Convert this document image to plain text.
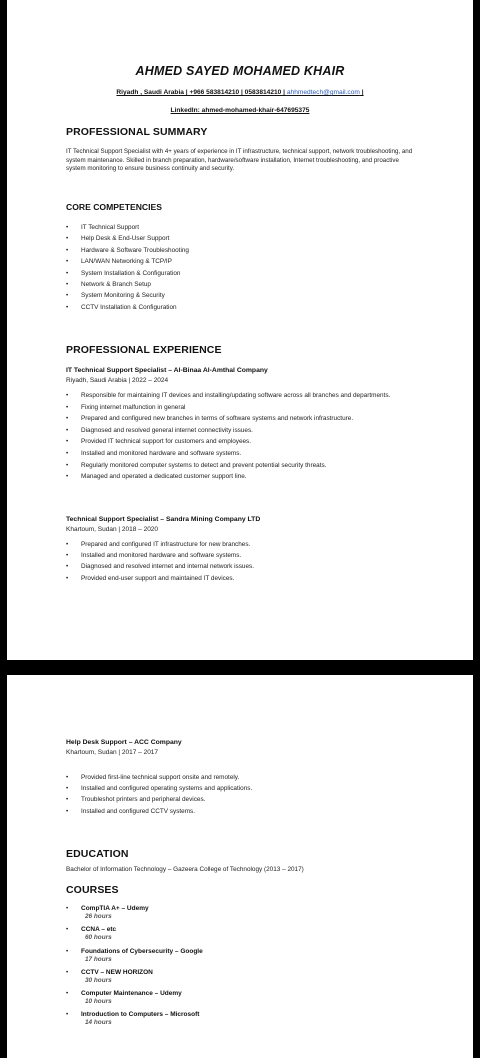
AHMED SAYED MOHAMED KHAIR
Riyadh , Saudi Arabia | +966 583814210 | 0583814210 | ahhmedtech@gmail.com |
LinkedIn: ahmed-mohamed-khair-647695375
PROFESSIONAL SUMMARY
IT Technical Support Specialist with 4+ years of experience in IT infrastructure, technical support, network troubleshooting, and system maintenance. Skilled in branch preparation, hardware/software installation, Internet troubleshooting, and proactive system monitoring to ensure business continuity and security.
CORE COMPETENCIES
• IT Technical Support
• Help Desk & End-User Support
• Hardware & Software Troubleshooting
• LAN/WAN Networking & TCP/IP
• System Installation & Configuration
• Network & Branch Setup
• System Monitoring & Security
• CCTV Installation & Configuration
PROFESSIONAL EXPERIENCE
IT Technical Support Specialist – Al-Binaa Al-Amthal Company
Riyadh, Saudi Arabia | 2022 – 2024
• Responsible for maintaining IT devices and installing/updating software across all branches and departments.
• Fixing internet malfunction in general
• Prepared and configured new branches in terms of software systems and network infrastructure.
• Diagnosed and resolved general internet connectivity issues.
• Provided IT technical support for customers and employees.
• Installed and monitored hardware and software systems.
• Regularly monitored computer systems to detect and prevent potential security threats.
• Managed and operated a dedicated customer support line.
Technical Support Specialist – Sandra Mining Company LTD
Khartoum, Sudan | 2018 – 2020
• Prepared and configured IT infrastructure for new branches.
• Installed and monitored hardware and software systems.
• Diagnosed and resolved internet and internal network issues.
• Provided end-user support and maintained IT devices.
Help Desk Support – ACC Company
Khartoum, Sudan | 2017 – 2017
• Provided first-line technical support onsite and remotely.
• Installed and configured operating systems and applications.
• Troubleshot printers and peripheral devices.
• Installed and configured CCTV systems.
EDUCATION
Bachelor of Information Technology – Gazeera College of Technology (2013 – 2017)
COURSES
• CompTIA A+ – Udemy
26 hours
• CCNA – etc
60 hours
• Foundations of Cybersecurity – Google
17 hours
• CCTV – NEW HORIZON
30 hours
• Computer Maintenance – Udemy
10 hours
• Introduction to Computers – Microsoft
14 hours
